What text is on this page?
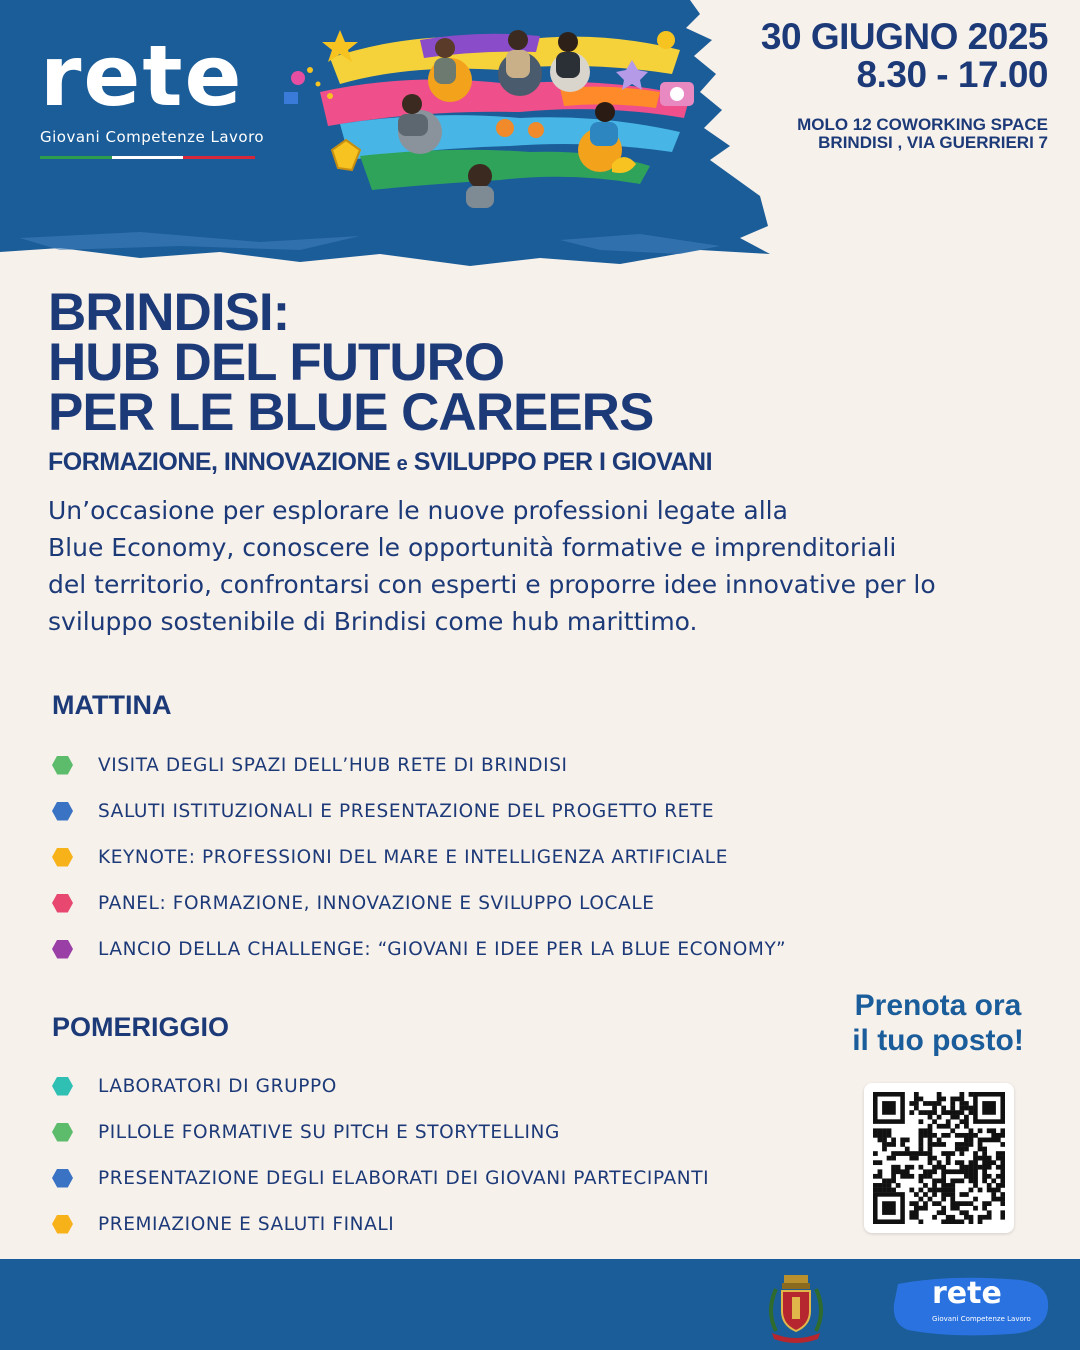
rete
Giovani Competenze Lavoro
30 GIUGNO 2025
8.30 - 17.00
MOLO 12 COWORKING SPACE
BRINDISI , VIA GUERRIERI 7
BRINDISI:
HUB DEL FUTURO
PER LE BLUE CAREERS
FORMAZIONE, INNOVAZIONE e SVILUPPO PER I GIOVANI
Un’occasione per esplorare le nuove professioni legate alla
Blue Economy, conoscere le opportunità formative e imprenditoriali
del territorio, confrontarsi con esperti e proporre idee innovative per lo
sviluppo sostenibile di Brindisi come hub marittimo.
MATTINA
VISITA DEGLI SPAZI DELL’HUB RETE DI BRINDISI
SALUTI ISTITUZIONALI E PRESENTAZIONE DEL PROGETTO RETE
KEYNOTE: PROFESSIONI DEL MARE E INTELLIGENZA ARTIFICIALE
PANEL: FORMAZIONE, INNOVAZIONE E SVILUPPO LOCALE
LANCIO DELLA CHALLENGE: “GIOVANI E IDEE PER LA BLUE ECONOMY”
POMERIGGIO
LABORATORI DI GRUPPO
PILLOLE FORMATIVE SU PITCH E STORYTELLING
PRESENTAZIONE DEGLI ELABORATI DEI GIOVANI PARTECIPANTI
PREMIAZIONE E SALUTI FINALI
Prenota ora
il tuo posto!
rete
Giovani Competenze Lavoro
